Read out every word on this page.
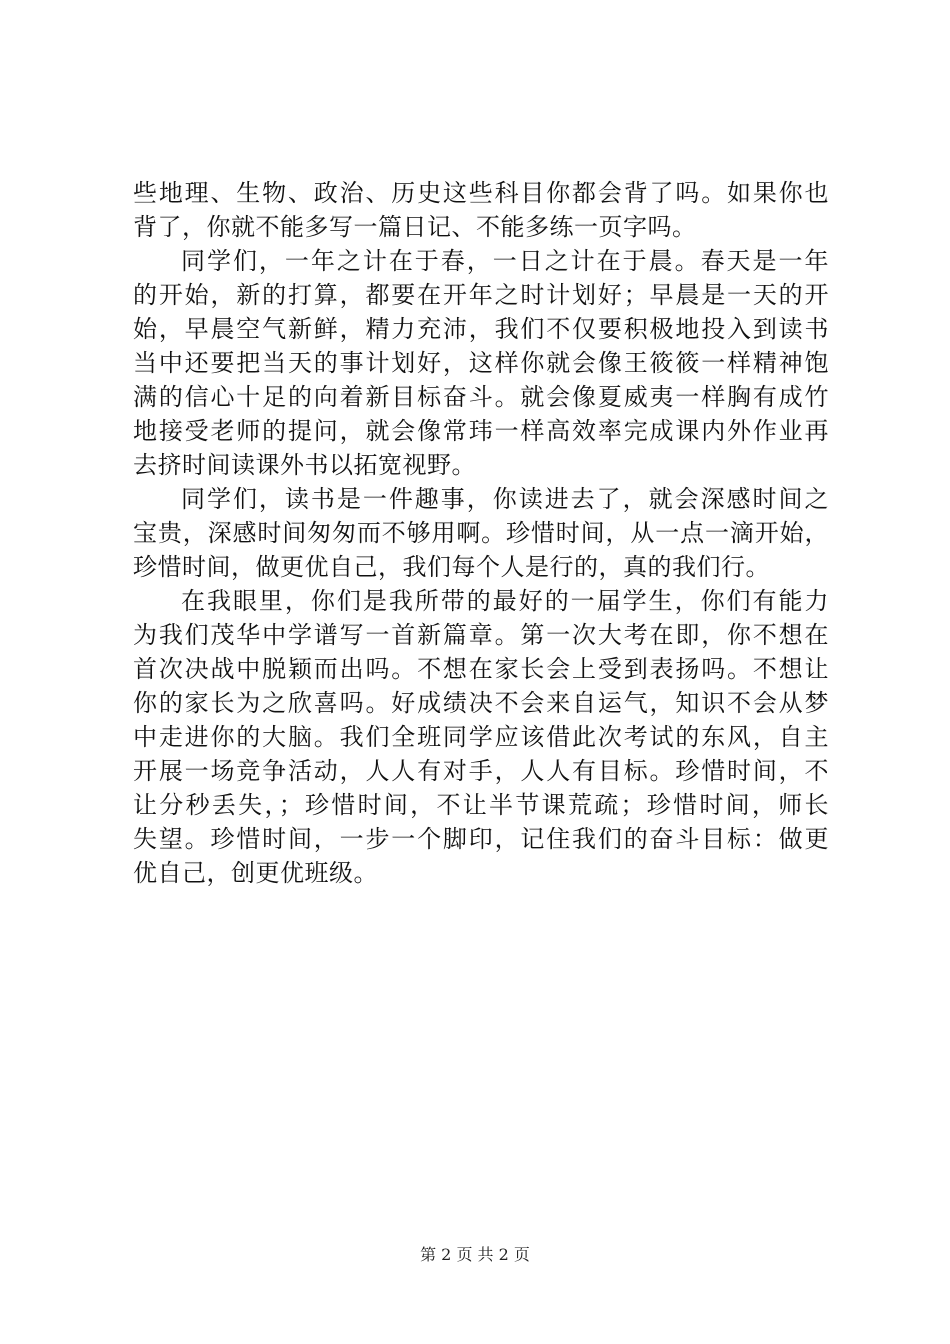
些地理、生物、政治、历史这些科目你都会背了吗。如果你也
背了，你就不能多写一篇日记、不能多练一页字吗。
同学们，一年之计在于春，一日之计在于晨。春天是一年
的开始，新的打算，都要在开年之时计划好；早晨是一天的开
始，早晨空气新鲜，精力充沛，我们不仅要积极地投入到读书
当中还要把当天的事计划好，这样你就会像王筱筱一样精神饱
满的信心十足的向着新目标奋斗。就会像夏威夷一样胸有成竹
地接受老师的提问，就会像常玮一样高效率完成课内外作业再
去挤时间读课外书以拓宽视野。
同学们，读书是一件趣事，你读进去了，就会深感时间之
宝贵，深感时间匆匆而不够用啊。珍惜时间，从一点一滴开始，
珍惜时间，做更优自己，我们每个人是行的，真的我们行。
在我眼里，你们是我所带的最好的一届学生，你们有能力
为我们茂华中学谱写一首新篇章。第一次大考在即，你不想在
首次决战中脱颖而出吗。不想在家长会上受到表扬吗。不想让
你的家长为之欣喜吗。好成绩决不会来自运气，知识不会从梦
中走进你的大脑。我们全班同学应该借此次考试的东风，自主
开展一场竞争活动，人人有对手，人人有目标。珍惜时间，不
让分秒丢失，；珍惜时间，不让半节课荒疏；珍惜时间，师长
失望。珍惜时间，一步一个脚印，记住我们的奋斗目标：做更
优自己，创更优班级。
第 2 页 共 2 页
